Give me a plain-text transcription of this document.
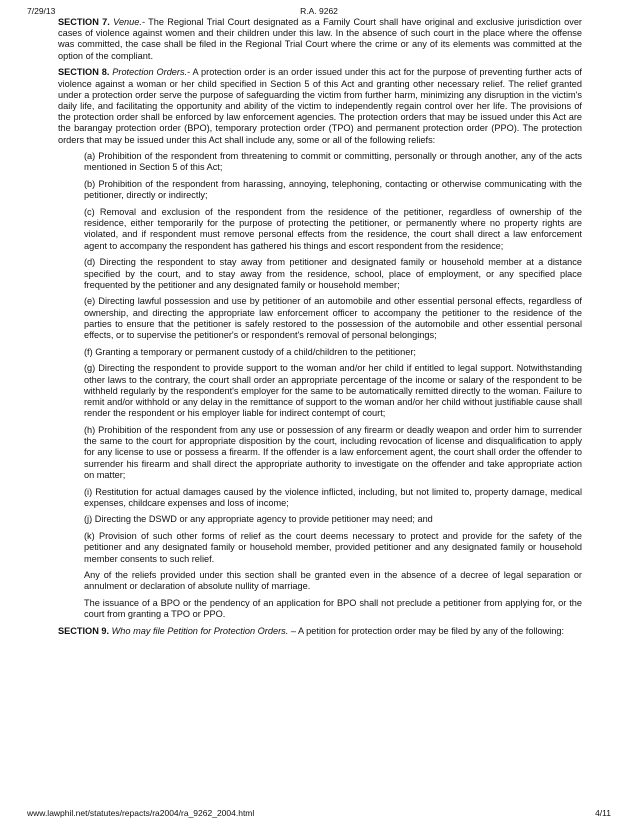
7/29/13	R.A. 9262

SECTION 7. Venue.- The Regional Trial Court designated as a Family Court shall have original and exclusive jurisdiction over cases of violence against women and their children under this law. In the absence of such court in the place where the offense was committed, the case shall be filed in the Regional Trial Court where the crime or any of its elements was committed at the option of the compliant.

SECTION 8. Protection Orders.- A protection order is an order issued under this act for the purpose of preventing further acts of violence against a woman or her child specified in Section 5 of this Act and granting other necessary relief. The relief granted under a protection order serve the purpose of safeguarding the victim from further harm, minimizing any disruption in the victim's daily life, and facilitating the opportunity and ability of the victim to independently regain control over her life. The provisions of the protection order shall be enforced by law enforcement agencies. The protection orders that may be issued under this Act are the barangay protection order (BPO), temporary protection order (TPO) and permanent protection order (PPO). The protection orders that may be issued under this Act shall include any, some or all of the following reliefs:

(a) Prohibition of the respondent from threatening to commit or committing, personally or through another, any of the acts mentioned in Section 5 of this Act;

(b) Prohibition of the respondent from harassing, annoying, telephoning, contacting or otherwise communicating with the petitioner, directly or indirectly;

(c) Removal and exclusion of the respondent from the residence of the petitioner, regardless of ownership of the residence, either temporarily for the purpose of protecting the petitioner, or permanently where no property rights are violated, and if respondent must remove personal effects from the residence, the court shall direct a law enforcement agent to accompany the respondent has gathered his things and escort respondent from the residence;

(d) Directing the respondent to stay away from petitioner and designated family or household member at a distance specified by the court, and to stay away from the residence, school, place of employment, or any specified place frequented by the petitioner and any designated family or household member;

(e) Directing lawful possession and use by petitioner of an automobile and other essential personal effects, regardless of ownership, and directing the appropriate law enforcement officer to accompany the petitioner to the residence of the parties to ensure that the petitioner is safely restored to the possession of the automobile and other essential personal effects, or to supervise the petitioner's or respondent's removal of personal belongings;

(f) Granting a temporary or permanent custody of a child/children to the petitioner;

(g) Directing the respondent to provide support to the woman and/or her child if entitled to legal support. Notwithstanding other laws to the contrary, the court shall order an appropriate percentage of the income or salary of the respondent to be withheld regularly by the respondent's employer for the same to be automatically remitted directly to the woman. Failure to remit and/or withhold or any delay in the remittance of support to the woman and/or her child without justifiable cause shall render the respondent or his employer liable for indirect contempt of court;

(h) Prohibition of the respondent from any use or possession of any firearm or deadly weapon and order him to surrender the same to the court for appropriate disposition by the court, including revocation of license and disqualification to apply for any license to use or possess a firearm. If the offender is a law enforcement agent, the court shall order the offender to surrender his firearm and shall direct the appropriate authority to investigate on the offender and take appropriate action on matter;

(i) Restitution for actual damages caused by the violence inflicted, including, but not limited to, property damage, medical expenses, childcare expenses and loss of income;

(j) Directing the DSWD or any appropriate agency to provide petitioner may need; and

(k) Provision of such other forms of relief as the court deems necessary to protect and provide for the safety of the petitioner and any designated family or household member, provided petitioner and any designated family or household member consents to such relief.

Any of the reliefs provided under this section shall be granted even in the absence of a decree of legal separation or annulment or declaration of absolute nullity of marriage.

The issuance of a BPO or the pendency of an application for BPO shall not preclude a petitioner from applying for, or the court from granting a TPO or PPO.

SECTION 9. Who may file Petition for Protection Orders. – A petition for protection order may be filed by any of the following:

www.lawphil.net/statutes/repacts/ra2004/ra_9262_2004.html	4/11
